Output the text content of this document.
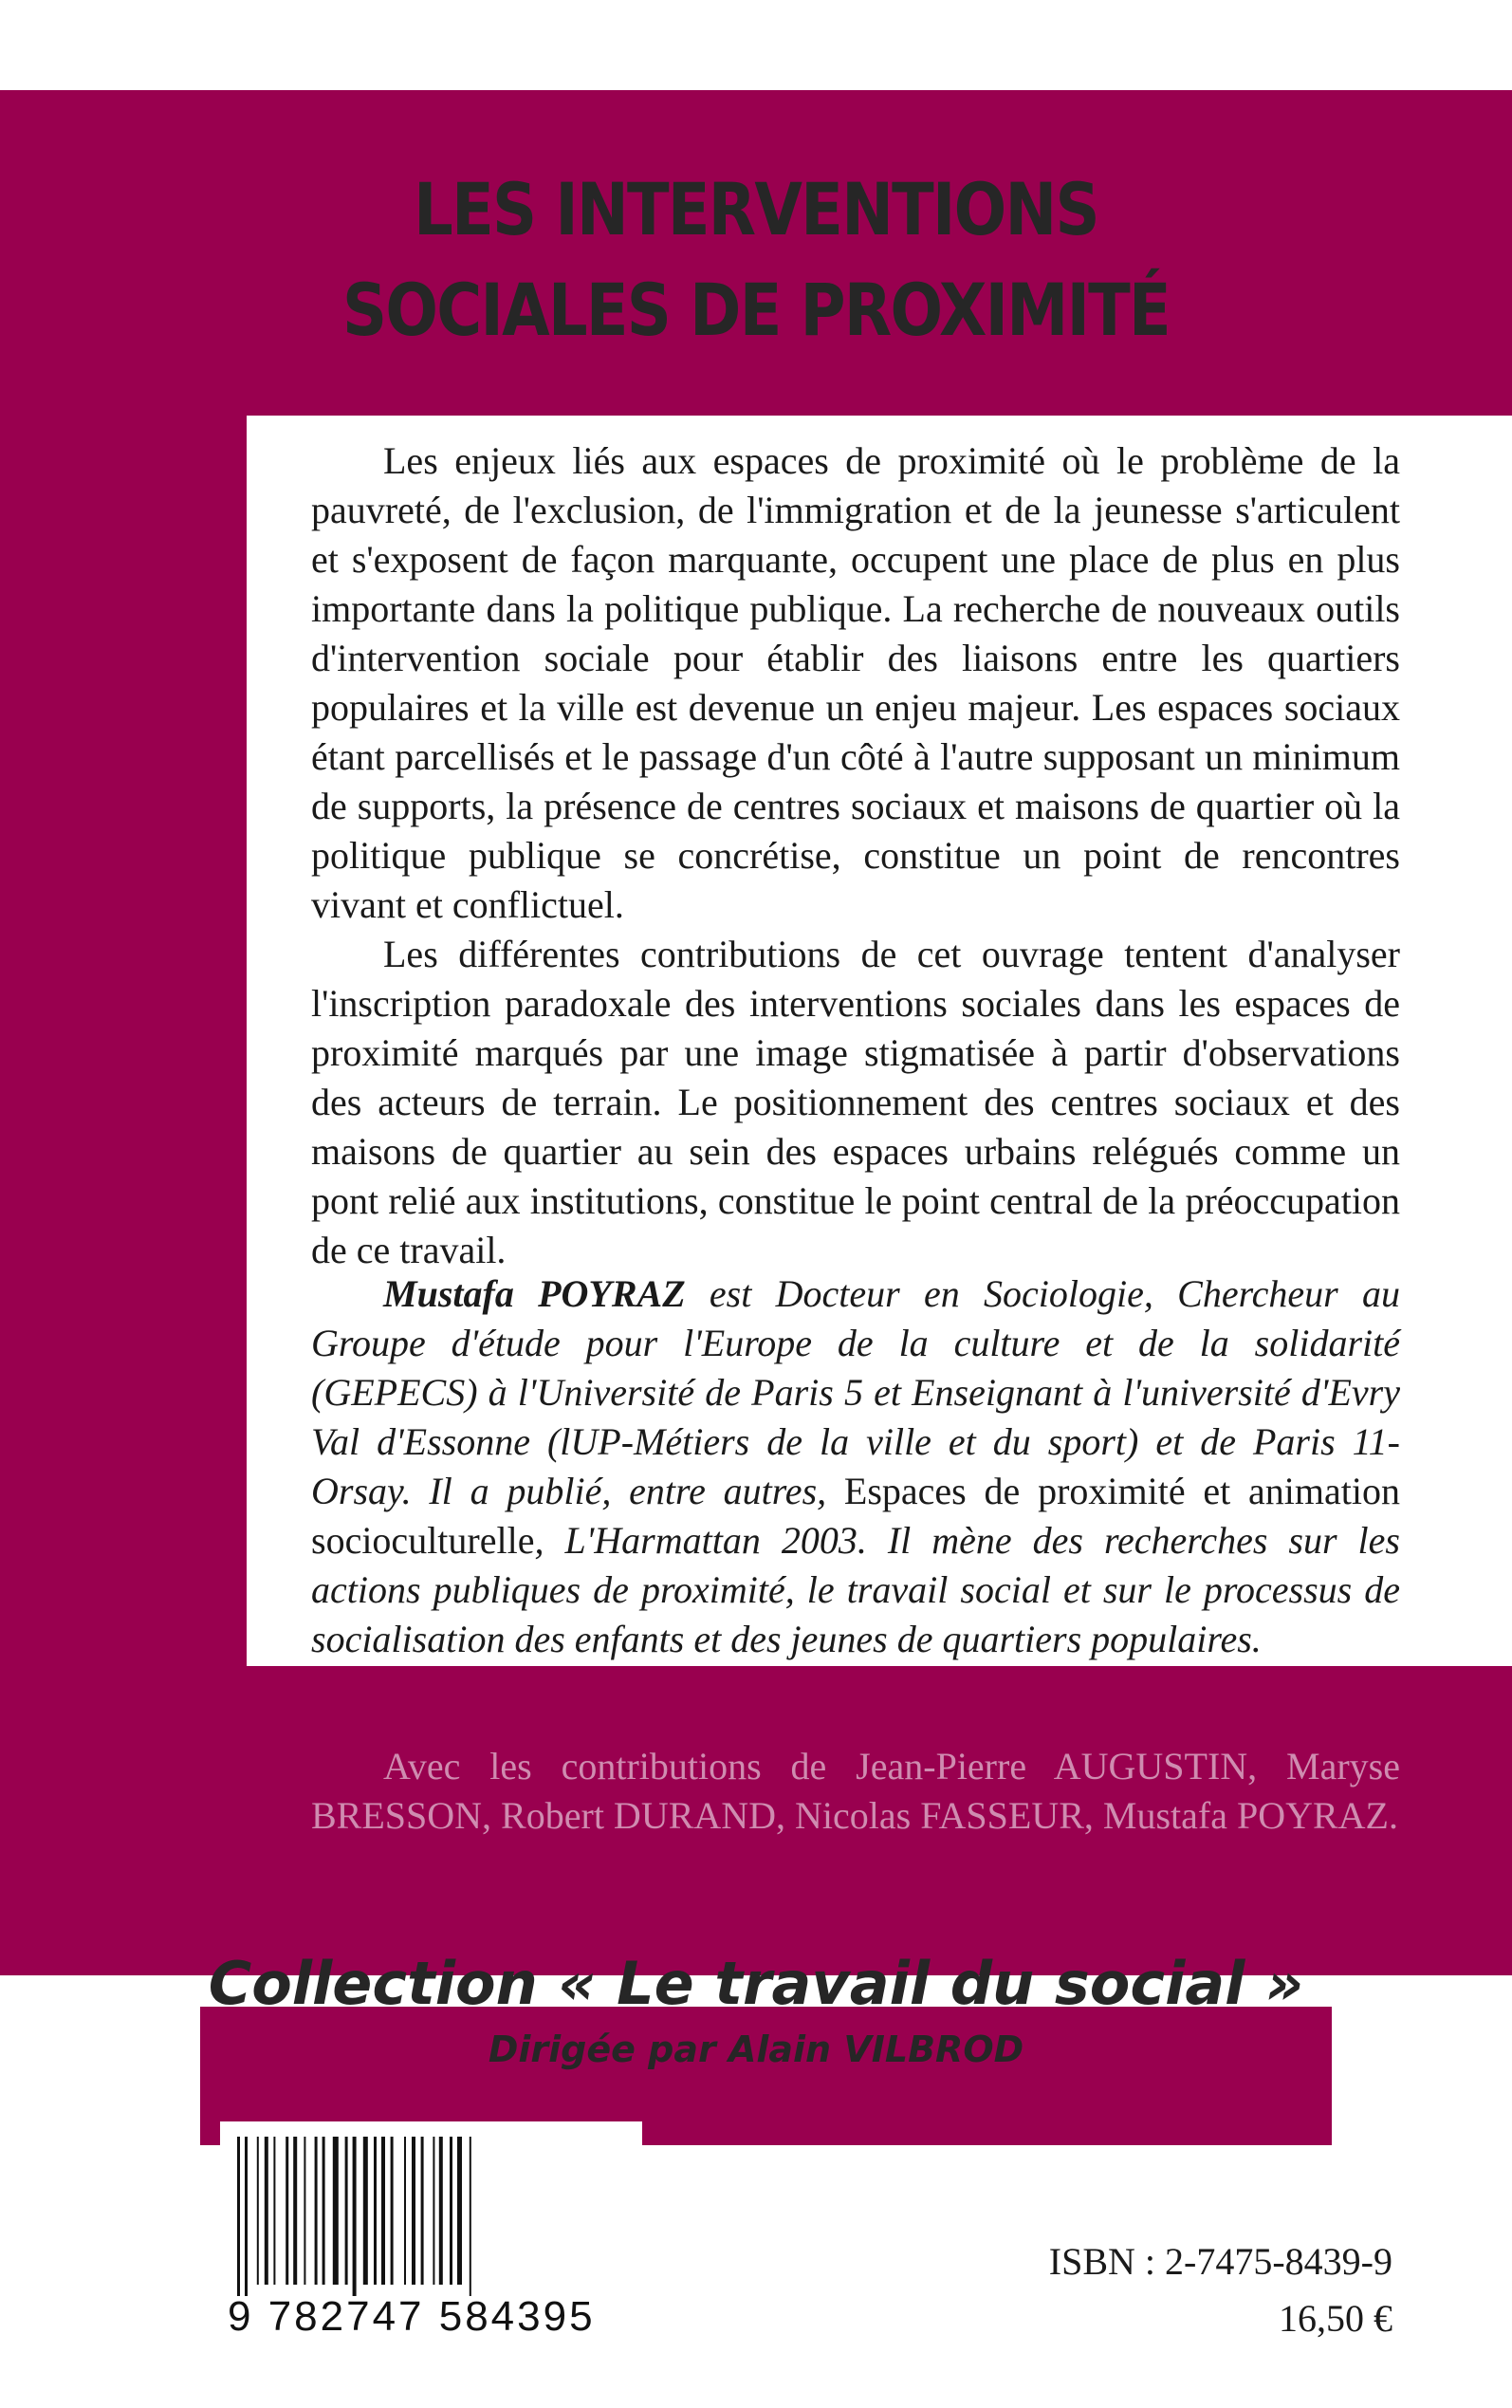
LES INTERVENTIONS
SOCIALES DE PROXIMITÉ

Les enjeux liés aux espaces de proximité où le problème de la pauvreté, de l'exclusion, de l'immigration et de la jeunesse s'articulent et s'exposent de façon marquante, occupent une place de plus en plus importante dans la politique publique. La recherche de nouveaux outils d'intervention sociale pour établir des liaisons entre les quartiers populaires et la ville est devenue un enjeu majeur. Les espaces sociaux étant parcellisés et le passage d'un côté à l'autre supposant un minimum de supports, la présence de centres sociaux et maisons de quartier où la politique publique se concrétise, constitue un point de rencontres vivant et conflictuel.

Les différentes contributions de cet ouvrage tentent d'analyser l'inscription paradoxale des interventions sociales dans les espaces de proximité marqués par une image stigmatisée à partir d'observations des acteurs de terrain. Le positionnement des centres sociaux et des maisons de quartier au sein des espaces urbains relégués comme un pont relié aux institutions, constitue le point central de la préoccupation de ce travail.

Mustafa POYRAZ est Docteur en Sociologie, Chercheur au Groupe d'étude pour l'Europe de la culture et de la solidarité (GEPECS) à l'Université de Paris 5 et Enseignant à l'université d'Evry Val d'Essonne (lUP-Métiers de la ville et du sport) et de Paris 11-Orsay. Il a publié, entre autres, Espaces de proximité et animation socioculturelle, L'Harmattan 2003. Il mène des recherches sur les actions publiques de proximité, le travail social et sur le processus de socialisation des enfants et des jeunes de quartiers populaires.
Avec les contributions de Jean-Pierre AUGUSTIN, Maryse BRESSON, Robert DURAND, Nicolas FASSEUR, Mustafa POYRAZ.
Collection « Le travail du social »
Dirigée par Alain VILBROD
9 782747 584395
ISBN : 2-7475-8439-9
16,50 €
